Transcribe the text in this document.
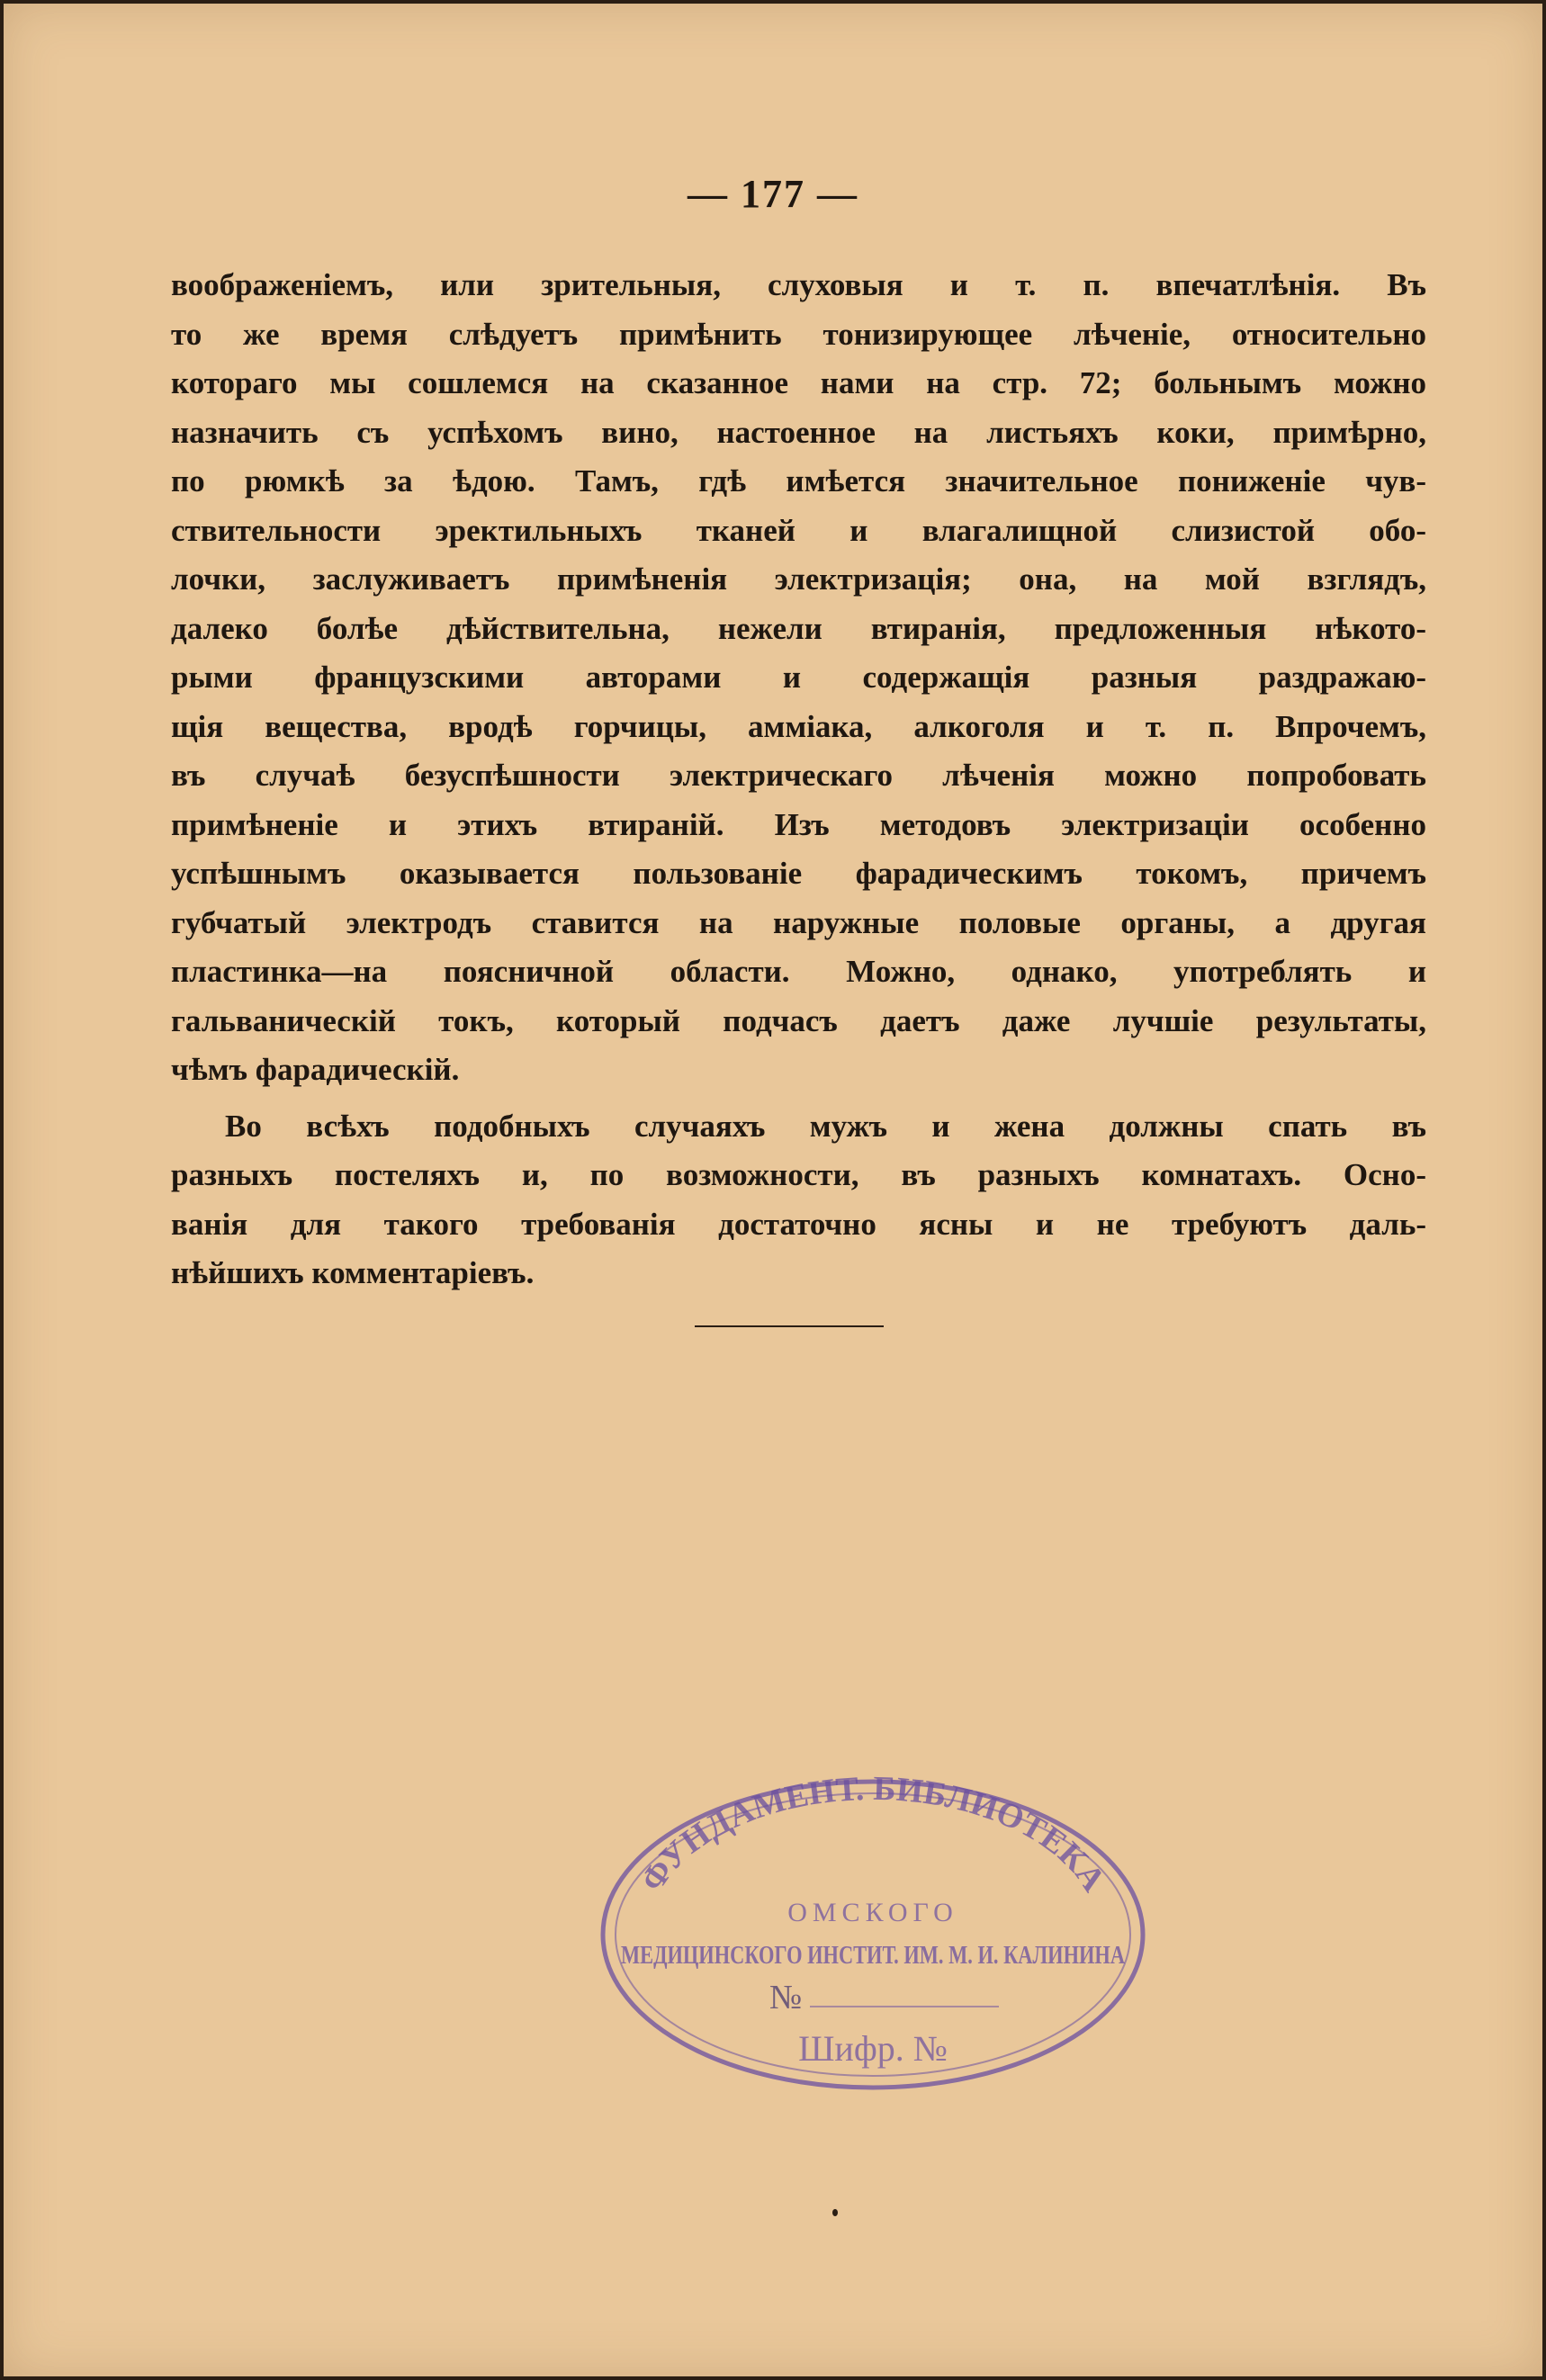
— 177 —

воображеніемъ, или зрительныя, слуховыя и т. п. впечатлѣнія. Въ
то же время слѣдуетъ примѣнить тонизирующее лѣченіе, относительно
котораго мы сошлемся на сказанное нами на стр. 72; больнымъ можно
назначить съ успѣхомъ вино, настоенное на листьяхъ коки, примѣрно,
по рюмкѣ за ѣдою. Тамъ, гдѣ имѣется значительное пониженіе чув-
ствительности эректильныхъ тканей и влагалищной слизистой обо-
лочки, заслуживаетъ примѣненія электризація; она, на мой взглядъ,
далеко болѣе дѣйствительна, нежели втиранія, предложенныя нѣкото-
рыми французскими авторами и содержащія разныя раздражаю-
щія вещества, вродѣ горчицы, амміака, алкоголя и т. п. Впрочемъ,
въ случаѣ безуспѣшности электрическаго лѣченія можно попробовать
примѣненіе и этихъ втираній. Изъ методовъ электризаціи особенно
успѣшнымъ оказывается пользованіе фарадическимъ токомъ, причемъ
губчатый электродъ ставится на наружные половые органы, а другая
пластинка—на поясничной области. Можно, однако, употреблять и
гальваническій токъ, который подчасъ даетъ даже лучшіе результаты,
чѣмъ фарадическій.

Во всѣхъ подобныхъ случаяхъ мужъ и жена должны спать въ
разныхъ постеляхъ и, по возможности, въ разныхъ комнатахъ. Осно-
ванія для такого требованія достаточно ясны и не требуютъ даль-
нѣйшихъ комментаріевъ.

ФУНДАМЕНТ. БИБЛИОТЕКА
ОМСКОГО
МЕДИЦИНСКОГО ИНСТИТ. ИМ. М. И. КАЛИНИНА
№
Шифр. №
